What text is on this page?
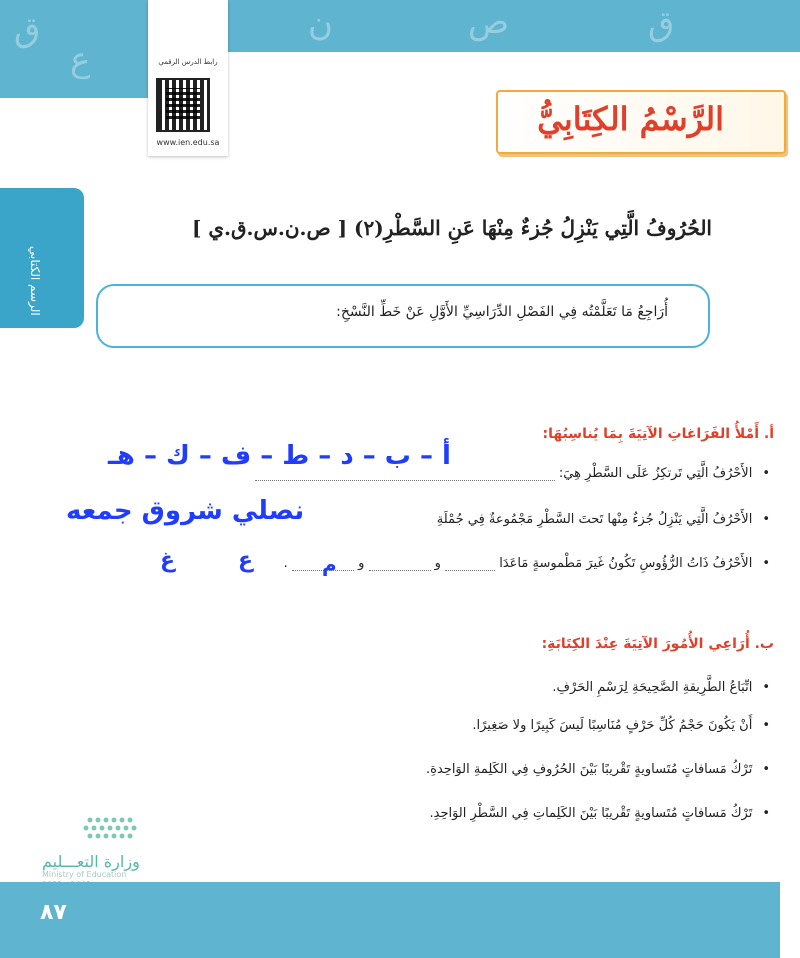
ق
ع
ن	ص	ق
رابط الدرس الرقمي
www.ien.edu.sa
الرَّسْمُ الكِتَابِيُّ
الرسم الكتابي
الحُرُوفُ الَّتِي يَنْزِلُ جُزءٌ مِنْهَا عَنِ السَّطْرِ(٢) [ ص.ن.س.ق.ي ]
أُرَاجِعُ مَا تَعَلَّمْتُه فِي الفَصْلِ الدِّرَاسِيِّ الأَوَّلِ عَنْ خَطِّ النَّسْخِ:
أ. أَمْلأُ الفَرَاغاتِ الآتِيَةَ بِمَا يُناسِبُهَا:
•الأَحْرُفُ الَّتِي تَرتكِزُ عَلَى السَّطْرِ هِيَ:
أ – ب – د – ط – ف – ك – هـ
•الأَحْرُفُ الَّتِي يَنْزِلُ جُزءٌ مِنْها تَحتَ السَّطْرِ مَجْمُوعةٌ فِي جُمْلَةِ
نصلي شروق جمعه
•الأَحْرُفُ ذَاتُ الرُّؤُوسِ تَكُونُ غَيرَ مَطْموسةٍ مَاعَدَا  و  و  .	م
ع
غ
ب. أُرَاعِي الأُمُورَ الآتِيَةَ عِنْدَ الكِتَابَةِ:
•اتِّبَاعُ الطَّرِيقةِ الصَّحِيحَةِ لِرَسْمِ الحَرْفِ.
•أَنْ يَكُونَ حَجْمُ كُلِّ حَرْفٍ مُنَاسِبًا لَيسَ كَبِيرًا ولا صَغِيرًا.
•تَرْكُ مَسافاتٍ مُتَساويةٍ تَقْريبًا بَيْنَ الحُرُوفِ فِي الكَلِمةِ الوَاحِدةِ.
•تَرْكُ مَسافاتٍ مُتَساويةٍ تَقْريبًا بَيْنَ الكَلِماتِ فِي السَّطْرِ الوَاحِدِ.
وزارة التعـــليم
Ministry of Education
٨٧
